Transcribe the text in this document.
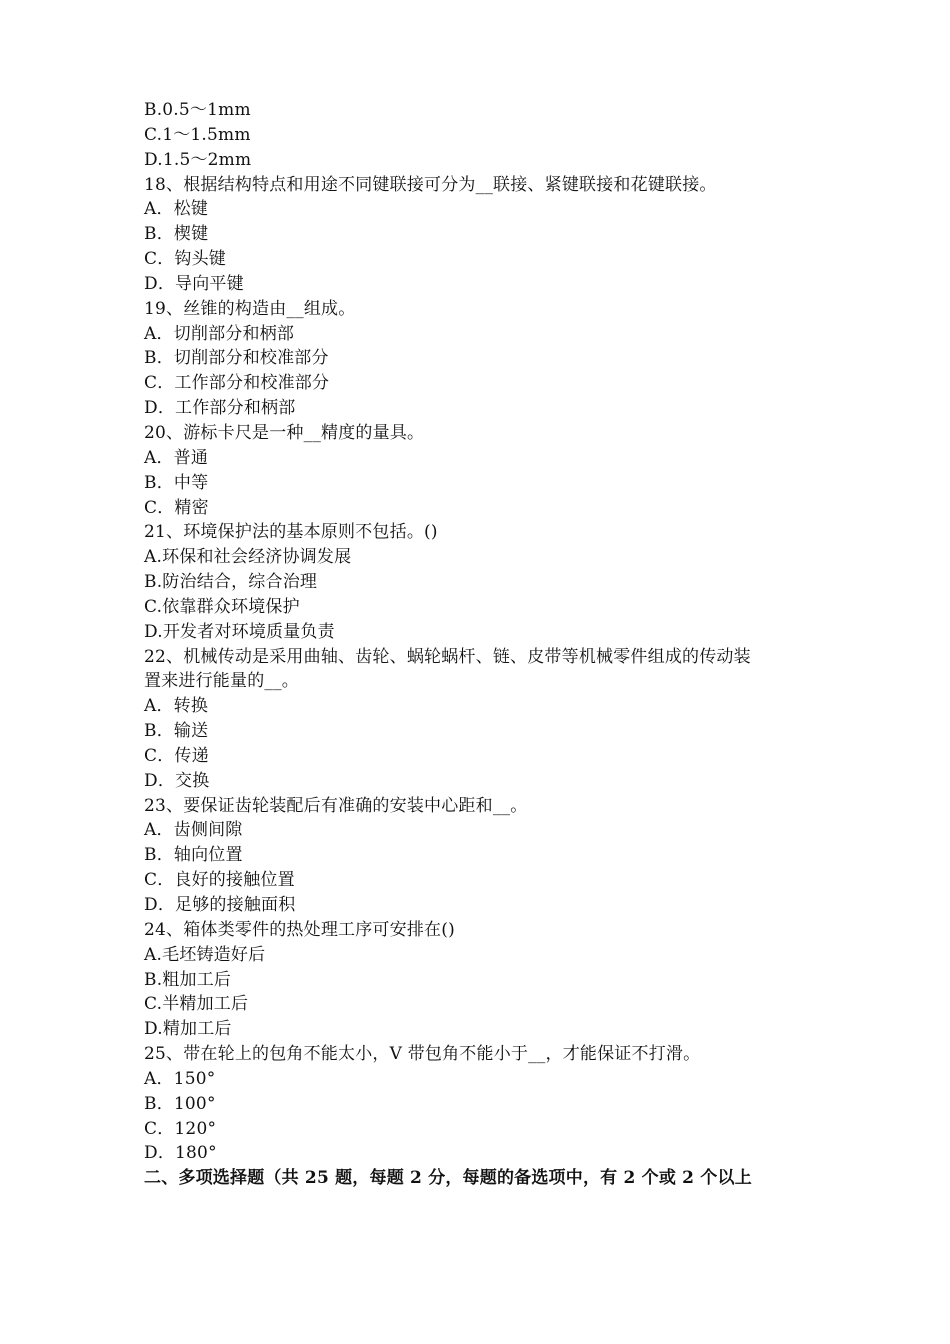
B.0.5～1mm
C.1～1.5mm
D.1.5～2mm
18、根据结构特点和用途不同键联接可分为__联接、紧键联接和花键联接。
A．松键
B．楔键
C．钩头键
D．导向平键
19、丝锥的构造由__组成。
A．切削部分和柄部
B．切削部分和校准部分
C．工作部分和校准部分
D．工作部分和柄部
20、游标卡尺是一种__精度的量具。
A．普通
B．中等
C．精密
21、环境保护法的基本原则不包括。()
A.环保和社会经济协调发展
B.防治结合，综合治理
C.依靠群众环境保护
D.开发者对环境质量负责
22、机械传动是采用曲轴、齿轮、蜗轮蜗杆、链、皮带等机械零件组成的传动装
置来进行能量的__。
A．转换
B．输送
C．传递
D．交换
23、要保证齿轮装配后有准确的安装中心距和__。
A．齿侧间隙
B．轴向位置
C．良好的接触位置
D．足够的接触面积
24、箱体类零件的热处理工序可安排在()
A.毛坯铸造好后
B.粗加工后
C.半精加工后
D.精加工后
25、带在轮上的包角不能太小，V 带包角不能小于__，才能保证不打滑。
A．150°
B．100°
C．120°
D．180°
二、多项选择题（共 25 题，每题 2 分，每题的备选项中，有 2 个或 2 个以上
